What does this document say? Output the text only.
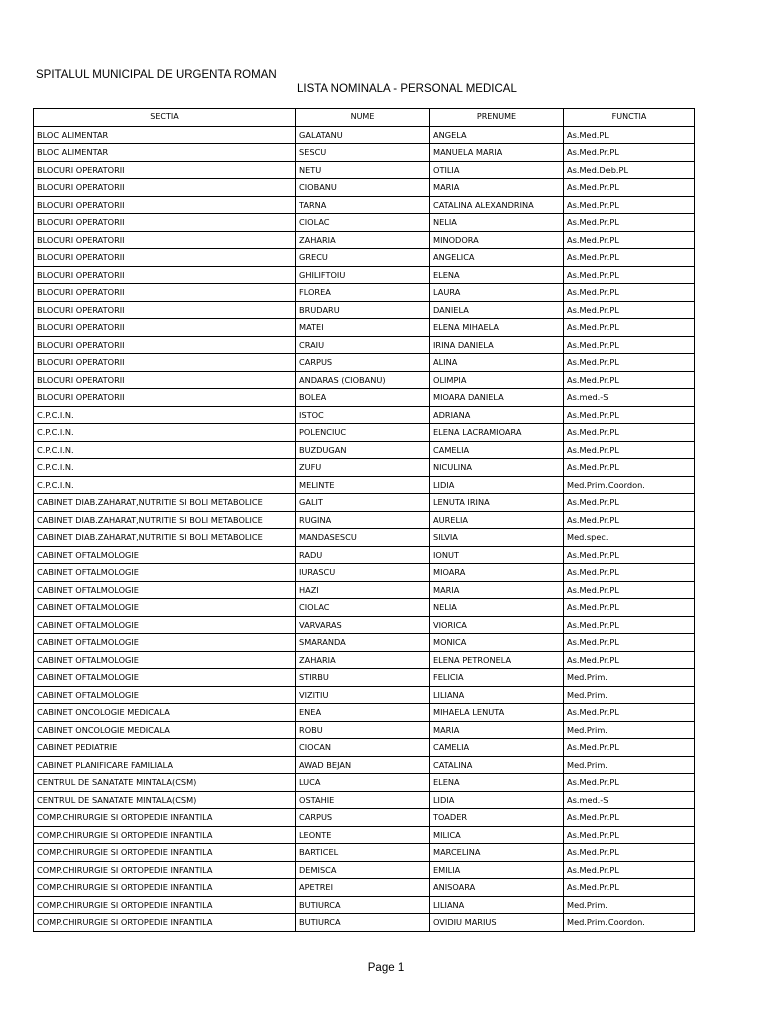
SPITALUL MUNICIPAL DE URGENTA ROMAN
LISTA NOMINALA - PERSONAL MEDICAL
SECTIA	NUME	PRENUME	FUNCTIA
BLOC ALIMENTAR	GALATANU	ANGELA	As.Med.PL
BLOC ALIMENTAR	SESCU	MANUELA MARIA	As.Med.Pr.PL
BLOCURI OPERATORII	NETU	OTILIA	As.Med.Deb.PL
BLOCURI OPERATORII	CIOBANU	MARIA	As.Med.Pr.PL
BLOCURI OPERATORII	TARNA	CATALINA ALEXANDRINA	As.Med.Pr.PL
BLOCURI OPERATORII	CIOLAC	NELIA	As.Med.Pr.PL
BLOCURI OPERATORII	ZAHARIA	MINODORA	As.Med.Pr.PL
BLOCURI OPERATORII	GRECU	ANGELICA	As.Med.Pr.PL
BLOCURI OPERATORII	GHILIFTOIU	ELENA	As.Med.Pr.PL
BLOCURI OPERATORII	FLOREA	LAURA	As.Med.Pr.PL
BLOCURI OPERATORII	BRUDARU	DANIELA	As.Med.Pr.PL
BLOCURI OPERATORII	MATEI	ELENA MIHAELA	As.Med.Pr.PL
BLOCURI OPERATORII	CRAIU	IRINA DANIELA	As.Med.Pr.PL
BLOCURI OPERATORII	CARPUS	ALINA	As.Med.Pr.PL
BLOCURI OPERATORII	ANDARAS (CIOBANU)	OLIMPIA	As.Med.Pr.PL
BLOCURI OPERATORII	BOLEA	MIOARA DANIELA	As.med.-S
C.P.C.I.N.	ISTOC	ADRIANA	As.Med.Pr.PL
C.P.C.I.N.	POLENCIUC	ELENA LACRAMIOARA	As.Med.Pr.PL
C.P.C.I.N.	BUZDUGAN	CAMELIA	As.Med.Pr.PL
C.P.C.I.N.	ZUFU	NICULINA	As.Med.Pr.PL
C.P.C.I.N.	MELINTE	LIDIA	Med.Prim.Coordon.
CABINET DIAB.ZAHARAT,NUTRITIE SI BOLI METABOLICE	GALIT	LENUTA IRINA	As.Med.Pr.PL
CABINET DIAB.ZAHARAT,NUTRITIE SI BOLI METABOLICE	RUGINA	AURELIA	As.Med.Pr.PL
CABINET DIAB.ZAHARAT,NUTRITIE SI BOLI METABOLICE	MANDASESCU	SILVIA	Med.spec.
CABINET OFTALMOLOGIE	RADU	IONUT	As.Med.Pr.PL
CABINET OFTALMOLOGIE	IURASCU	MIOARA	As.Med.Pr.PL
CABINET OFTALMOLOGIE	HAZI	MARIA	As.Med.Pr.PL
CABINET OFTALMOLOGIE	CIOLAC	NELIA	As.Med.Pr.PL
CABINET OFTALMOLOGIE	VARVARAS	VIORICA	As.Med.Pr.PL
CABINET OFTALMOLOGIE	SMARANDA	MONICA	As.Med.Pr.PL
CABINET OFTALMOLOGIE	ZAHARIA	ELENA PETRONELA	As.Med.Pr.PL
CABINET OFTALMOLOGIE	STIRBU	FELICIA	Med.Prim.
CABINET OFTALMOLOGIE	VIZITIU	LILIANA	Med.Prim.
CABINET ONCOLOGIE MEDICALA	ENEA	MIHAELA LENUTA	As.Med.Pr.PL
CABINET ONCOLOGIE MEDICALA	ROBU	MARIA	Med.Prim.
CABINET PEDIATRIE	CIOCAN	CAMELIA	As.Med.Pr.PL
CABINET PLANIFICARE FAMILIALA	AWAD BEJAN	CATALINA	Med.Prim.
CENTRUL DE SANATATE MINTALA(CSM)	LUCA	ELENA	As.Med.Pr.PL
CENTRUL DE SANATATE MINTALA(CSM)	OSTAHIE	LIDIA	As.med.-S
COMP.CHIRURGIE SI ORTOPEDIE INFANTILA	CARPUS	TOADER	As.Med.Pr.PL
COMP.CHIRURGIE SI ORTOPEDIE INFANTILA	LEONTE	MILICA	As.Med.Pr.PL
COMP.CHIRURGIE SI ORTOPEDIE INFANTILA	BARTICEL	MARCELINA	As.Med.Pr.PL
COMP.CHIRURGIE SI ORTOPEDIE INFANTILA	DEMISCA	EMILIA	As.Med.Pr.PL
COMP.CHIRURGIE SI ORTOPEDIE INFANTILA	APETREI	ANISOARA	As.Med.Pr.PL
COMP.CHIRURGIE SI ORTOPEDIE INFANTILA	BUTIURCA	LILIANA	Med.Prim.
COMP.CHIRURGIE SI ORTOPEDIE INFANTILA	BUTIURCA	OVIDIU MARIUS	Med.Prim.Coordon.
Page 1
